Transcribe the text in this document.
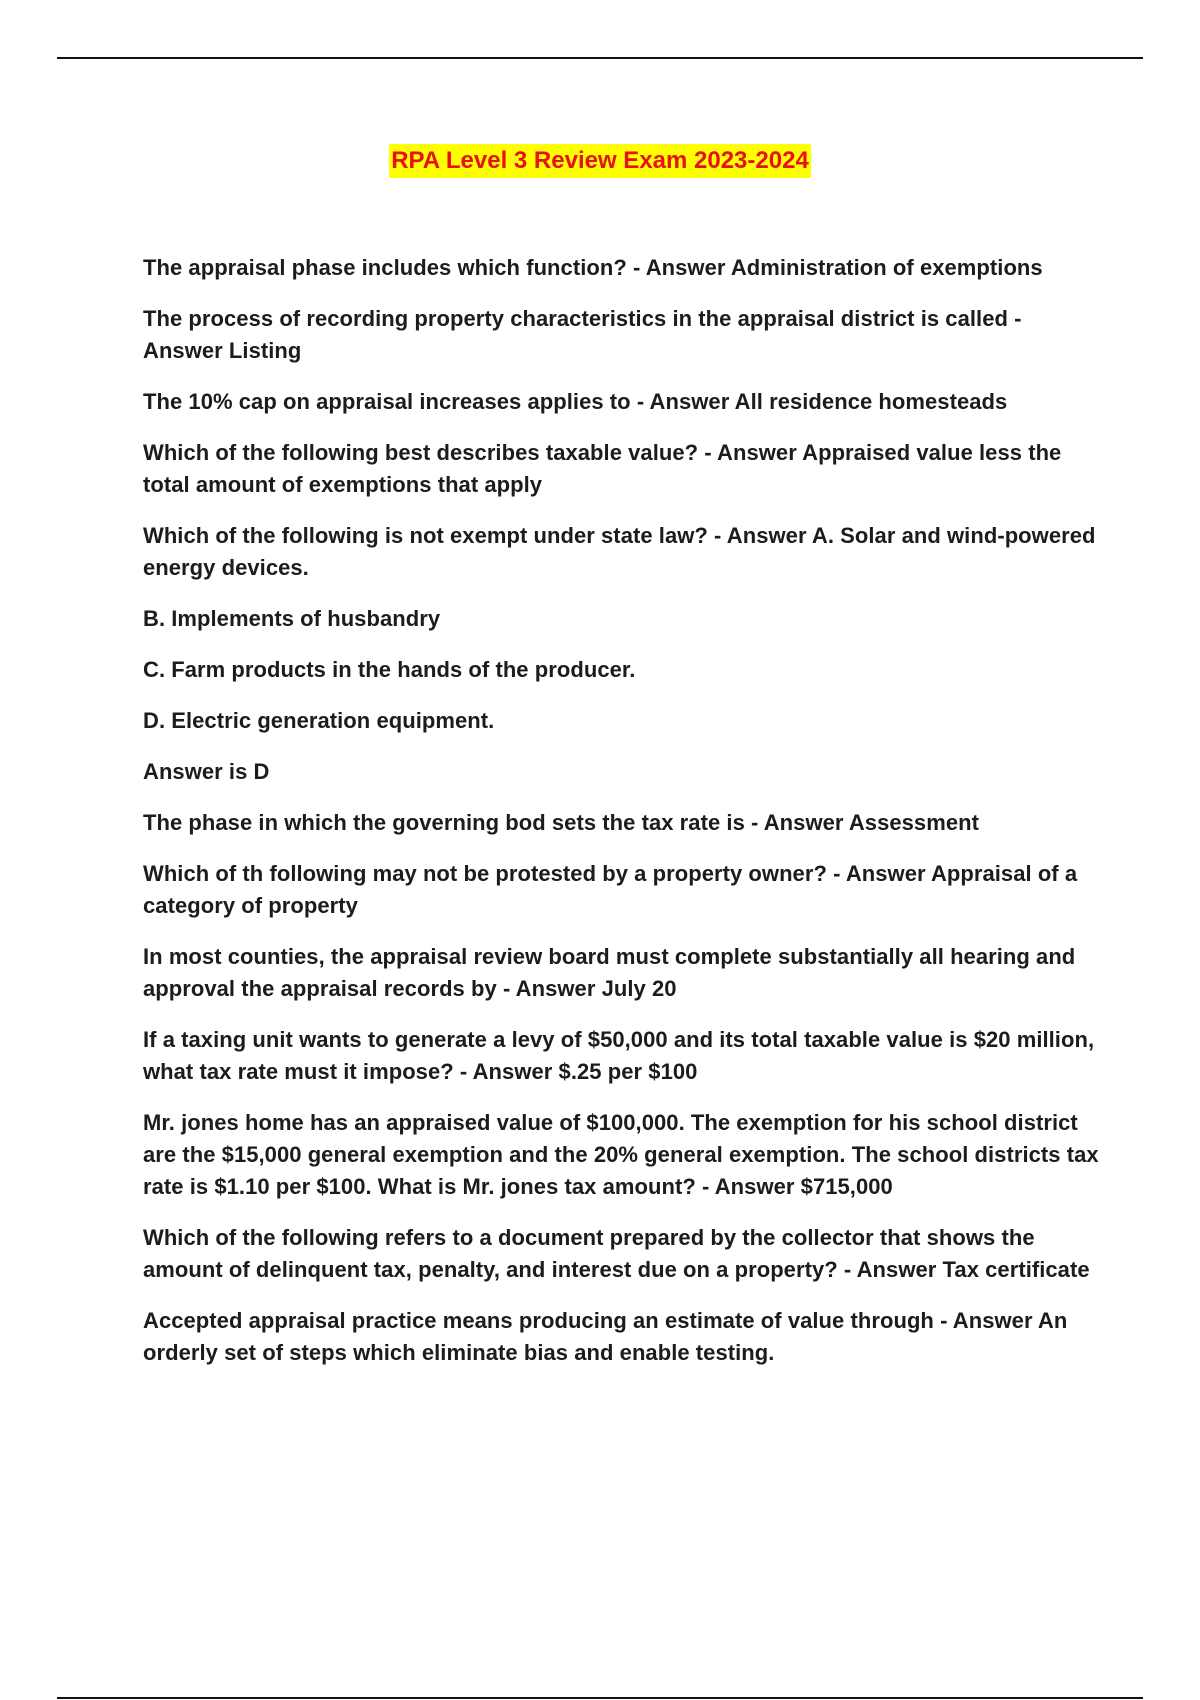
RPA Level 3 Review Exam 2023-2024

The appraisal phase includes which function? - Answer Administration of exemptions

The process of recording property characteristics in the appraisal district is called - Answer Listing

The 10% cap on appraisal increases applies to - Answer All residence homesteads

Which of the following best describes taxable value? - Answer Appraised value less the total amount of exemptions that apply

Which of the following is not exempt under state law? - Answer A. Solar and wind-powered energy devices.

B. Implements of husbandry

C. Farm products in the hands of the producer.

D. Electric generation equipment.

Answer is D

The phase in which the governing bod sets the tax rate is - Answer Assessment

Which of th following may not be protested by a property owner? - Answer Appraisal of a category of property

In most counties, the appraisal review board must complete substantially all hearing and approval the appraisal records by - Answer July 20

If a taxing unit wants to generate a levy of $50,000 and its total taxable value is $20 million, what tax rate must it impose? - Answer $.25 per $100

Mr. jones home has an appraised value of $100,000. The exemption for his school district are the $15,000 general exemption and the 20% general exemption. The school districts tax rate is $1.10 per $100. What is Mr. jones tax amount? - Answer $715,000

Which of the following refers to a document prepared by the collector that shows the amount of delinquent tax, penalty, and interest due on a property? - Answer Tax certificate

Accepted appraisal practice means producing an estimate of value through - Answer An orderly set of steps which eliminate bias and enable testing.
